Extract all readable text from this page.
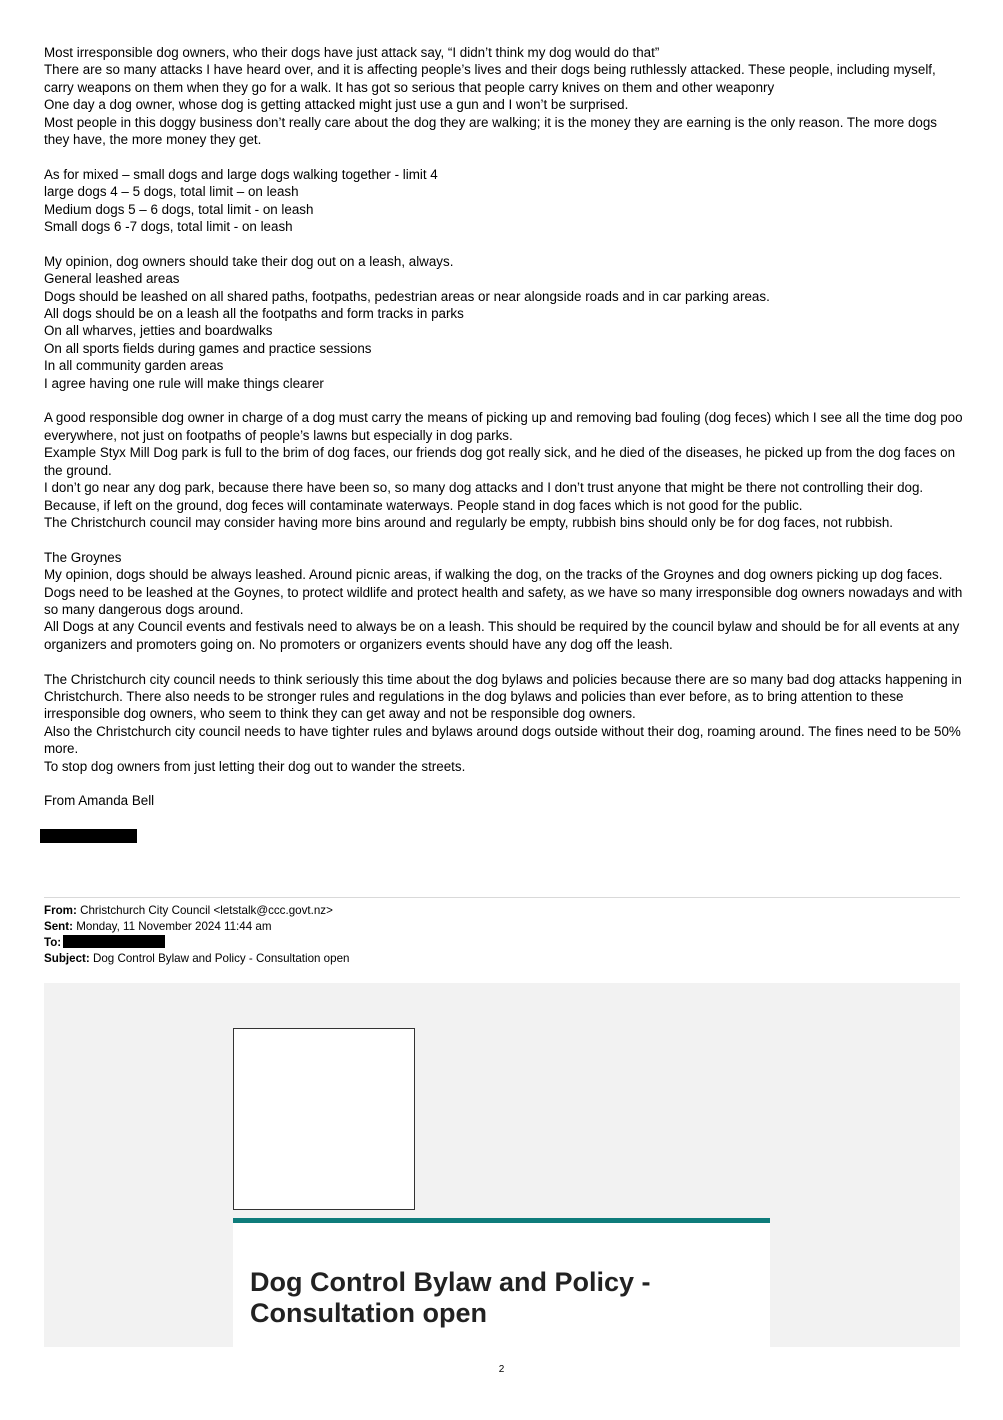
Most irresponsible dog owners, who their dogs have just attack say, “I didn’t think my dog would do that”

There are so many attacks I have heard over, and it is affecting people’s lives and their dogs being ruthlessly attacked. These people, including myself, carry weapons on them when they go for a walk. It has got so serious that people carry knives on them and other weaponry

One day a dog owner, whose dog is getting attacked might just use a gun and I won’t be surprised.

Most people in this doggy business don’t really care about the dog they are walking; it is the money they are earning is the only reason. The more dogs they have, the more money they get.

As for mixed – small dogs and large dogs walking together - limit 4

large dogs 4 – 5 dogs, total limit – on leash

Medium dogs 5 – 6 dogs, total limit - on leash

Small dogs 6 -7 dogs, total limit - on leash

My opinion, dog owners should take their dog out on a leash, always.

General leashed areas

Dogs should be leashed on all shared paths, footpaths, pedestrian areas or near alongside roads and in car parking areas.

All dogs should be on a leash all the footpaths and form tracks in parks

On all wharves, jetties and boardwalks

On all sports fields during games and practice sessions

In all community garden areas

I agree having one rule will make things clearer

A good responsible dog owner in charge of a dog must carry the means of picking up and removing bad fouling (dog feces) which I see all the time dog poo everywhere, not just on footpaths of people’s lawns but especially in dog parks.

Example Styx Mill Dog park is full to the brim of dog faces, our friends dog got really sick, and he died of the diseases, he picked up from the dog faces on the ground.

I don’t go near any dog park, because there have been so, so many dog attacks and I don’t trust anyone that might be there not controlling their dog. Because, if left on the ground, dog feces will contaminate waterways. People stand in dog faces which is not good for the public.

The Christchurch council may consider having more bins around and regularly be empty, rubbish bins should only be for dog faces, not rubbish.

The Groynes

My opinion, dogs should be always leashed. Around picnic areas, if walking the dog, on the tracks of the Groynes and dog owners picking up dog faces.

Dogs need to be leashed at the Goynes, to protect wildlife and protect health and safety, as we have so many irresponsible dog owners nowadays and with so many dangerous dogs around.

All Dogs at any Council events and festivals need to always be on a leash. This should be required by the council bylaw and should be for all events at any organizers and promoters going on. No promoters or organizers events should have any dog off the leash.

The Christchurch city council needs to think seriously this time about the dog bylaws and policies because there are so many bad dog attacks happening in Christchurch. There also needs to be stronger rules and regulations in the dog bylaws and policies than ever before, as to bring attention to these irresponsible dog owners, who seem to think they can get away and not be responsible dog owners.

Also the Christchurch city council needs to have tighter rules and bylaws around dogs outside without their dog, roaming around. The fines need to be 50% more.

To stop dog owners from just letting their dog out to wander the streets.

From Amanda Bell

From: Christchurch City Council <letstalk@ccc.govt.nz>
Sent: Monday, 11 November 2024 11:44 am
To:
Subject: Dog Control Bylaw and Policy - Consultation open
Dog Control Bylaw and Policy - Consultation open
2
